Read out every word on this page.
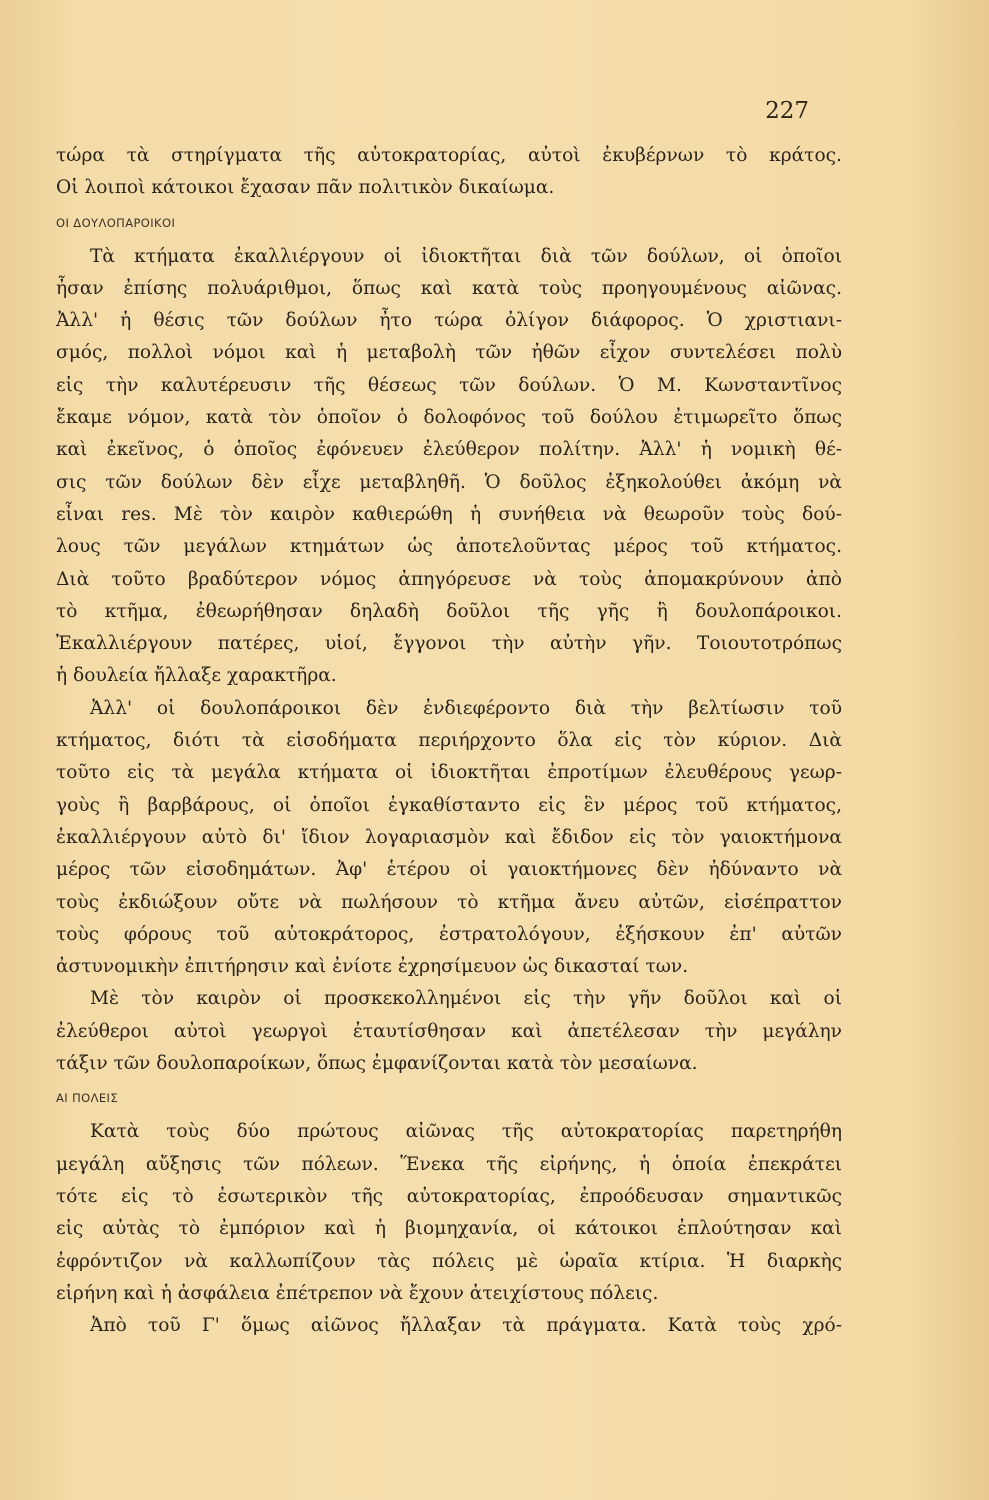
227
τώρα τὰ στηρίγματα τῆς αὐτοκρατορίας, αὐτοὶ ἐκυβέρνων τὸ κράτος.
Οἱ λοιποὶ κάτοικοι ἔχασαν πᾶν πολιτικὸν δικαίωμα.
ΟΙ ΔΟΥΛΟΠΑΡΟΙΚΟΙ
Τὰ κτήματα ἐκαλλιέργουν οἱ ἰδιοκτῆται διὰ τῶν δούλων, οἱ ὁποῖοι
ἦσαν ἐπίσης πολυάριθμοι, ὅπως καὶ κατὰ τοὺς προηγουμένους αἰῶνας.
Ἀλλ' ἡ θέσις τῶν δούλων ἦτο τώρα ὀλίγον διάφορος. Ὁ χριστιανι-
σμός, πολλοὶ νόμοι καὶ ἡ μεταβολὴ τῶν ἠθῶν εἶχον συντελέσει πολὺ
εἰς τὴν καλυτέρευσιν τῆς θέσεως τῶν δούλων. Ὁ Μ. Κωνσταντῖνος
ἔκαμε νόμον, κατὰ τὸν ὁποῖον ὁ δολοφόνος τοῦ δούλου ἐτιμωρεῖτο ὅπως
καὶ ἐκεῖνος, ὁ ὁποῖος ἐφόνευεν ἐλεύθερον πολίτην. Ἀλλ' ἡ νομικὴ θέ-
σις τῶν δούλων δὲν εἶχε μεταβληθῆ. Ὁ δοῦλος ἐξηκολούθει ἀκόμη νὰ
εἶναι res. Μὲ τὸν καιρὸν καθιερώθη ἡ συνήθεια νὰ θεωροῦν τοὺς δού-
λους τῶν μεγάλων κτημάτων ὡς ἀποτελοῦντας μέρος τοῦ κτήματος.
Διὰ τοῦτο βραδύτερον νόμος ἀπηγόρευσε νὰ τοὺς ἀπομακρύνουν ἀπὸ
τὸ κτῆμα, ἐθεωρήθησαν δηλαδὴ δοῦλοι τῆς γῆς ἢ δουλοπάροικοι.
Ἐκαλλιέργουν πατέρες, υἱοί, ἔγγονοι τὴν αὐτὴν γῆν. Τοιουτοτρόπως
ἡ δουλεία ἤλλαξε χαρακτῆρα.
Ἀλλ' οἱ δουλοπάροικοι δὲν ἐνδιεφέροντο διὰ τὴν βελτίωσιν τοῦ
κτήματος, διότι τὰ εἰσοδήματα περιήρχοντο ὅλα εἰς τὸν κύριον. Διὰ
τοῦτο εἰς τὰ μεγάλα κτήματα οἱ ἰδιοκτῆται ἐπροτίμων ἐλευθέρους γεωρ-
γοὺς ἢ βαρβάρους, οἱ ὁποῖοι ἐγκαθίσταντο εἰς ἓν μέρος τοῦ κτήματος,
ἐκαλλιέργουν αὐτὸ δι' ἴδιον λογαριασμὸν καὶ ἔδιδον εἰς τὸν γαιοκτήμονα
μέρος τῶν εἰσοδημάτων. Ἀφ' ἑτέρου οἱ γαιοκτήμονες δὲν ἠδύναντο νὰ
τοὺς ἐκδιώξουν οὔτε νὰ πωλήσουν τὸ κτῆμα ἄνευ αὐτῶν, εἰσέπραττον
τοὺς φόρους τοῦ αὐτοκράτορος, ἐστρατολόγουν, ἐξήσκουν ἐπ' αὐτῶν
ἀστυνομικὴν ἐπιτήρησιν καὶ ἐνίοτε ἐχρησίμευον ὡς δικασταί των.
Μὲ τὸν καιρὸν οἱ προσκεκολλημένοι εἰς τὴν γῆν δοῦλοι καὶ οἱ
ἐλεύθεροι αὐτοὶ γεωργοὶ ἐταυτίσθησαν καὶ ἀπετέλεσαν τὴν μεγάλην
τάξιν τῶν δουλοπαροίκων, ὅπως ἐμφανίζονται κατὰ τὸν μεσαίωνα.
ΑΙ ΠΟΛΕΙΣ
Κατὰ τοὺς δύο πρώτους αἰῶνας τῆς αὐτοκρατορίας παρετηρήθη
μεγάλη αὔξησις τῶν πόλεων. Ἕνεκα τῆς εἰρήνης, ἡ ὁποία ἐπεκράτει
τότε εἰς τὸ ἐσωτερικὸν τῆς αὐτοκρατορίας, ἐπροόδευσαν σημαντικῶς
εἰς αὐτὰς τὸ ἐμπόριον καὶ ἡ βιομηχανία, οἱ κάτοικοι ἐπλούτησαν καὶ
ἐφρόντιζον νὰ καλλωπίζουν τὰς πόλεις μὲ ὡραῖα κτίρια. Ἡ διαρκὴς
εἰρήνη καὶ ἡ ἀσφάλεια ἐπέτρεπον νὰ ἔχουν ἀτειχίστους πόλεις.
Ἀπὸ τοῦ Γ' ὅμως αἰῶνος ἤλλαξαν τὰ πράγματα. Κατὰ τοὺς χρό-
